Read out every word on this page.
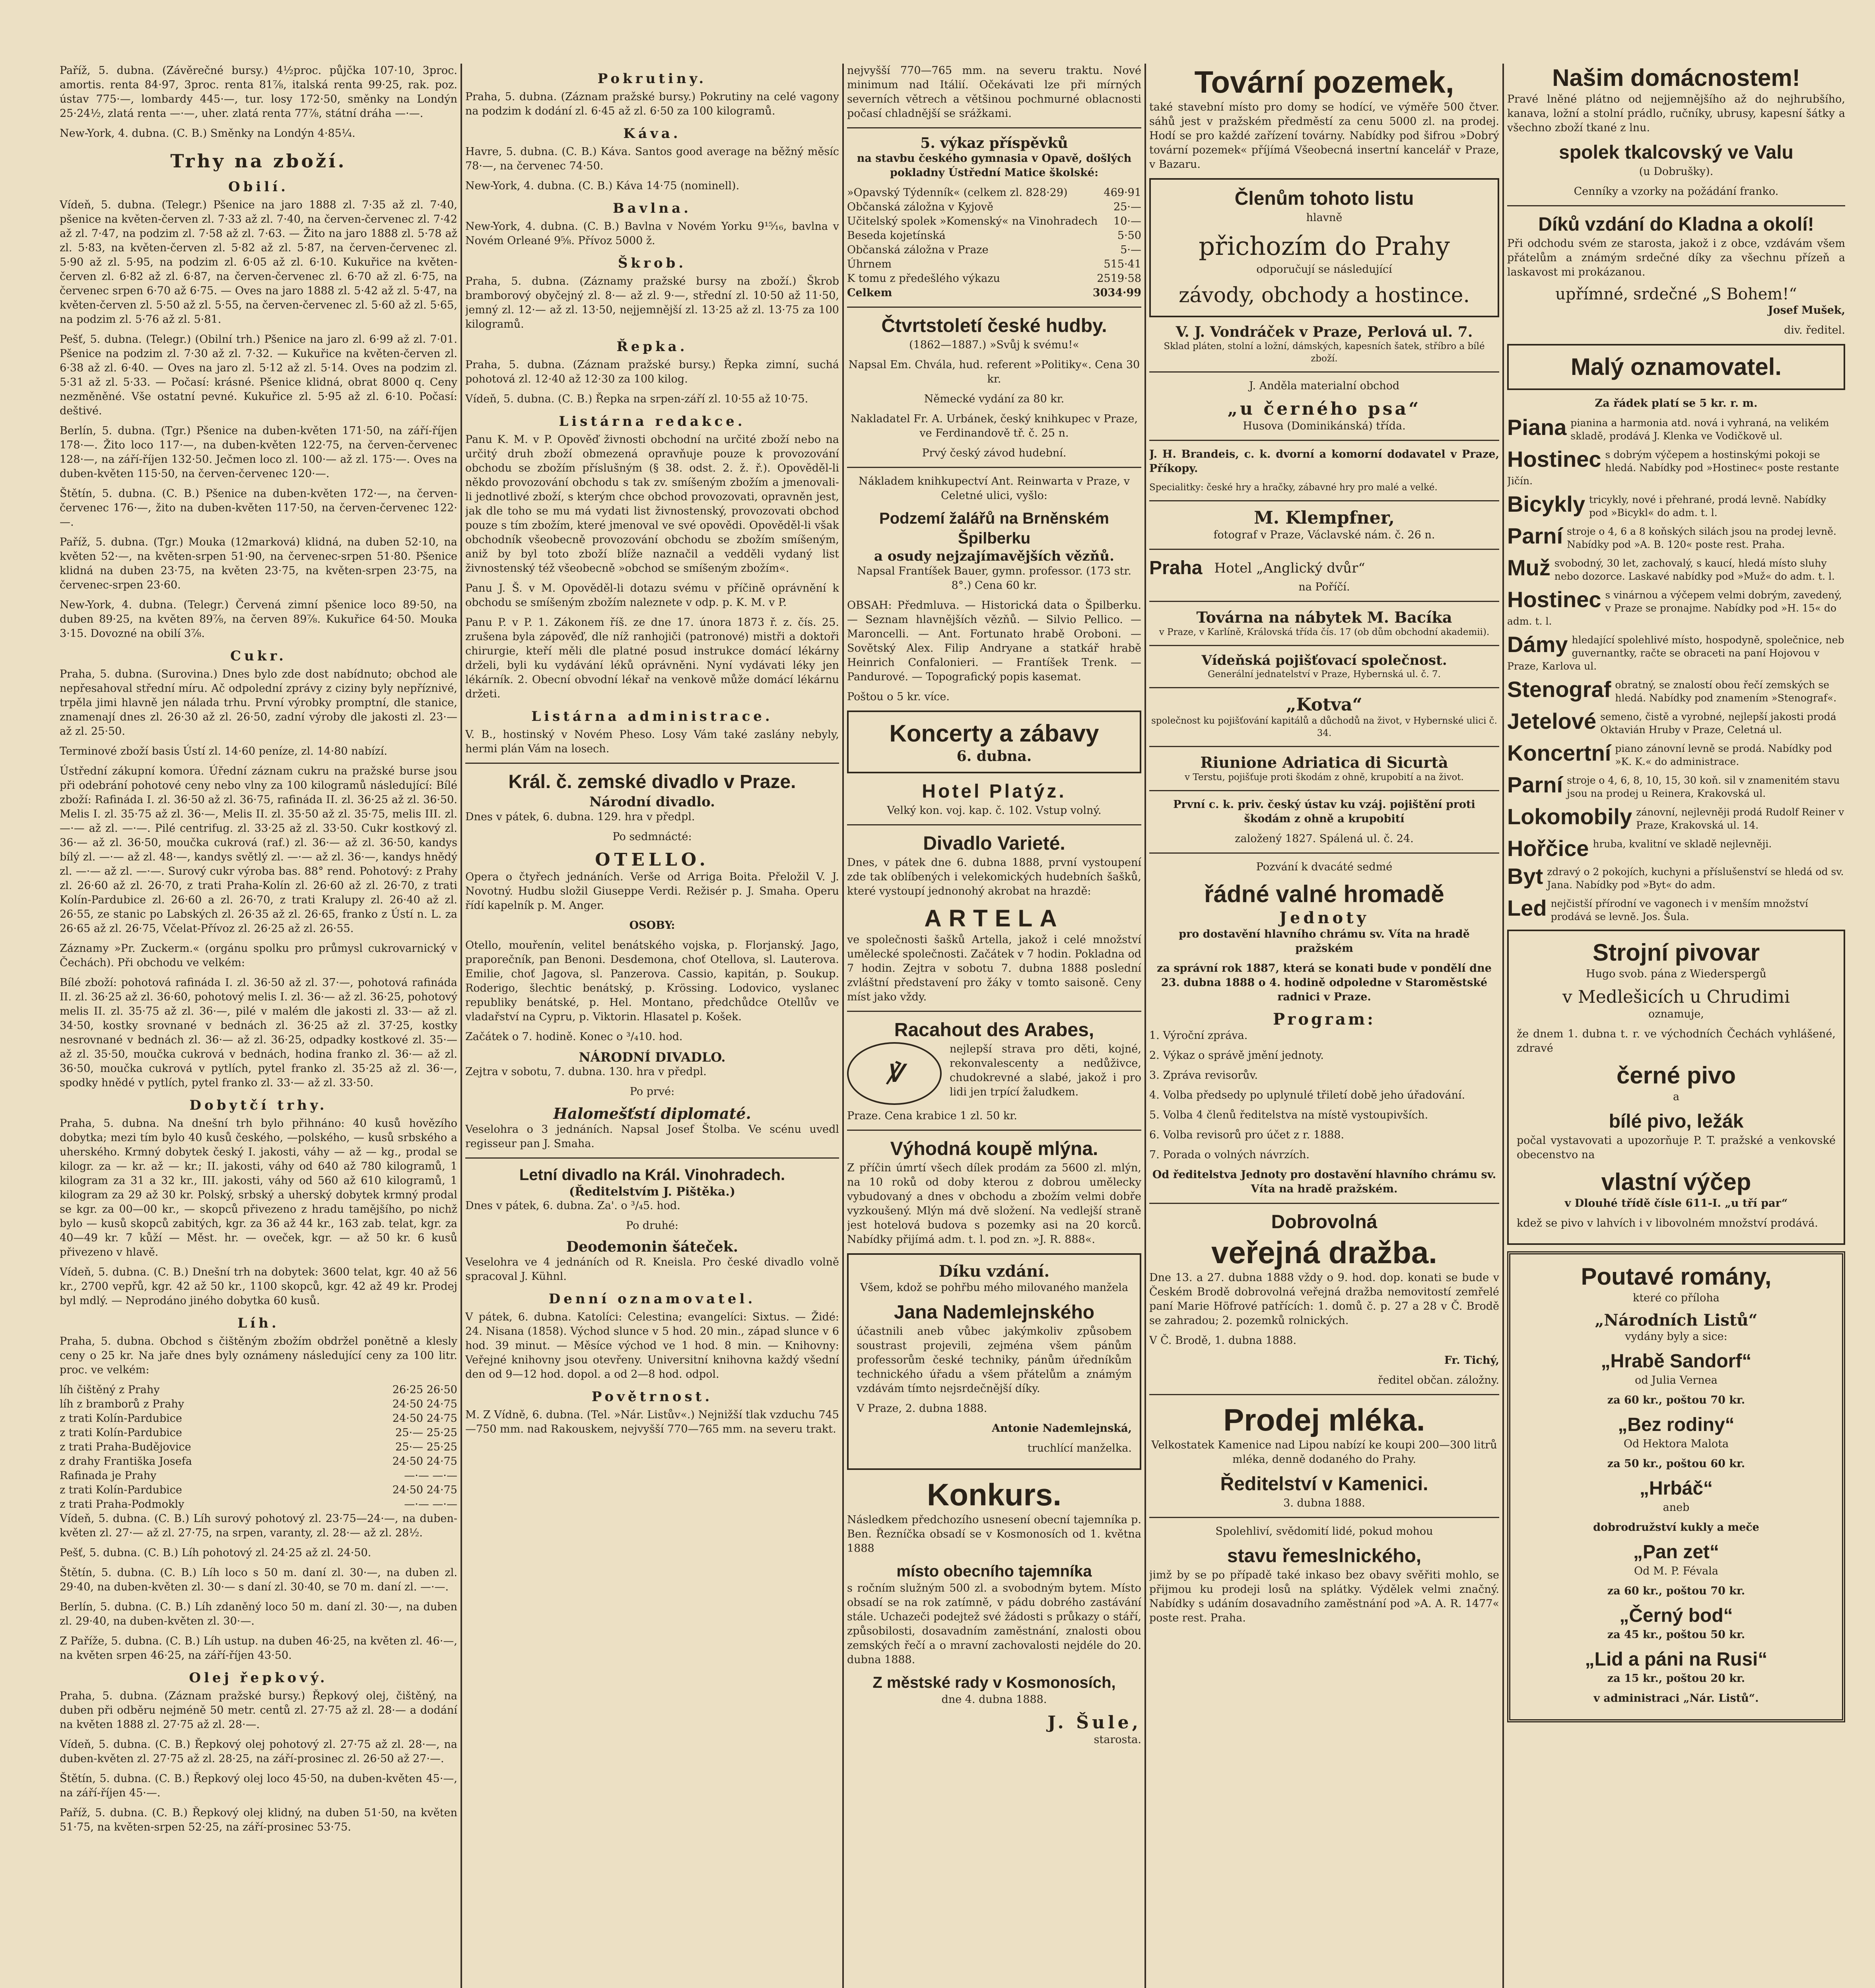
Paříž, 5. dubna. (Závěrečné bursy.) 4½proc. půjčka 107·10, 3proc. amortis. renta 84·97, 3proc. renta 81⅞, italská renta 99·25, rak. poz. ústav 775·—, lombardy 445·—, tur. losy 172·50, směnky na Londýn 25·24½, zlatá renta —·—, uher. zlatá renta 77⅞, státní dráha —·—.

New-York, 4. dubna. (C. B.) Směnky na Londýn 4·85¼.

Trhy na zboží.
Obilí.

Vídeň, 5. dubna. (Telegr.) Pšenice na jaro 1888 zl. 7·35 až zl. 7·40, pšenice na květen-červen zl. 7·33 až zl. 7·40, na červen-červenec zl. 7·42 až zl. 7·47, na podzim zl. 7·58 až zl. 7·63. — Žito na jaro 1888 zl. 5·78 až zl. 5·83, na květen-červen zl. 5·82 až zl. 5·87, na červen-červenec zl. 5·90 až zl. 5·95, na podzim zl. 6·05 až zl. 6·10. Kukuřice na květen-červen zl. 6·82 až zl. 6·87, na červen-červenec zl. 6·70 až zl. 6·75, na červenec srpen 6·70 až 6·75. — Oves na jaro 1888 zl. 5·42 až zl. 5·47, na květen-červen zl. 5·50 až zl. 5·55, na červen-červenec zl. 5·60 až zl. 5·65, na podzim zl. 5·76 až zl. 5·81.

Pešť, 5. dubna. (Telegr.) (Obilní trh.) Pšenice na jaro zl. 6·99 až zl. 7·01. Pšenice na podzim zl. 7·30 až zl. 7·32. — Kukuřice na květen-červen zl. 6·38 až zl. 6·40. — Oves na jaro zl. 5·12 až zl. 5·14. Oves na podzim zl. 5·31 až zl. 5·33. — Počasí: krásné. Pšenice klidná, obrat 8000 q. Ceny nezměněné. Vše ostatní pevné. Kukuřice zl. 5·95 až zl. 6·10. Počasí: deštivé.

Berlín, 5. dubna. (Tgr.) Pšenice na duben-květen 171·50, na září-říjen 178·—. Žito loco 117·—, na duben-květen 122·75, na červen-červenec 128·—, na září-říjen 132·50. Ječmen loco zl. 100·— až zl. 175·—. Oves na duben-květen 115·50, na červen-červenec 120·—.

Štětín, 5. dubna. (C. B.) Pšenice na duben-květen 172·—, na červen-červenec 176·—, žito na duben-květen 117·50, na červen-červenec 122·—.

Paříž, 5. dubna. (Tgr.) Mouka (12marková) klidná, na duben 52·10, na květen 52·—, na květen-srpen 51·90, na červenec-srpen 51·80. Pšenice klidná na duben 23·75, na květen 23·75, na květen-srpen 23·75, na červenec-srpen 23·60.

New-York, 4. dubna. (Telegr.) Červená zimní pšenice loco 89·50, na duben 89·25, na květen 89⅞, na červen 89⅞. Kukuřice 64·50. Mouka 3·15. Dovozné na obilí 3⅞.

Cukr.

Praha, 5. dubna. (Surovina.) Dnes bylo zde dost nabídnuto; obchod ale nepřesahoval střední míru. Ač odpolední zprávy z ciziny byly nepříznivé, trpěla jimi hlavně jen nálada trhu. První výrobky promptní, dle stanice, znamenají dnes zl. 26·30 až zl. 26·50, zadní výroby dle jakosti zl. 23·— až zl. 25·50.

Terminové zboží basis Ústí zl. 14·60 peníze, zl. 14·80 nabízí.

Ústřední zákupní komora. Úřední záznam cukru na pražské burse jsou při odebrání pohotové ceny nebo vlny za 100 kilogramů následující: Bílé zboží: Rafináda I. zl. 36·50 až zl. 36·75, rafináda II. zl. 36·25 až zl. 36·50. Melis I. zl. 35·75 až zl. 36·—, Melis II. zl. 35·50 až zl. 35·75, melis III. zl. —·— až zl. —·—. Pilé centrifug. zl. 33·25 až zl. 33·50. Cukr kostkový zl. 36·— až zl. 36·50, moučka cukrová (raf.) zl. 36·— až zl. 36·50, kandys bílý zl. —·— až zl. 48·—, kandys světlý zl. —·— až zl. 36·—, kandys hnědý zl. —·— až zl. —·—. Surový cukr výroba bas. 88° rend. Pohotový: z Prahy zl. 26·60 až zl. 26·70, z trati Praha-Kolín zl. 26·60 až zl. 26·70, z trati Kolín-Pardubice zl. 26·60 a zl. 26·70, z trati Kralupy zl. 26·40 až zl. 26·55, ze stanic po Labských zl. 26·35 až zl. 26·65, franko z Ústí n. L. za 26·65 až zl. 26·75, Včelat-Přívoz zl. 26·25 až zl. 26·55.

Záznamy »Pr. Zuckerm.« (orgánu spolku pro průmysl cukrovarnický v Čechách). Při obchodu ve velkém:

Bílé zboží: pohotová rafináda I. zl. 36·50 až zl. 37·—, pohotová rafináda II. zl. 36·25 až zl. 36·60, pohotový melis I. zl. 36·— až zl. 36·25, pohotový melis II. zl. 35·75 až zl. 36·—, pilé v malém dle jakosti zl. 33·— až zl. 34·50, kostky srovnané v bednách zl. 36·25 až zl. 37·25, kostky nesrovnané v bednách zl. 36·— až zl. 36·25, odpadky kostkové zl. 35·— až zl. 35·50, moučka cukrová v bednách, hodina franko zl. 36·— až zl. 36·50, moučka cukrová v pytlích, pytel franko zl. 35·25 až zl. 36·—, spodky hnědé v pytlích, pytel franko zl. 33·— až zl. 33·50.

Dobytčí trhy.

Praha, 5. dubna. Na dnešní trh bylo přihnáno: 40 kusů hovězího dobytka; mezi tím bylo 40 kusů českého, —polského, — kusů srbského a uherského. Krmný dobytek český I. jakosti, váhy — až — kg., prodal se kilogr. za — kr. až — kr.; II. jakosti, váhy od 640 až 780 kilogramů, 1 kilogram za 31 a 32 kr., III. jakosti, váhy od 560 až 610 kilogramů, 1 kilogram za 29 až 30 kr. Polský, srbský a uherský dobytek krmný prodal se kgr. za 00—00 kr., — skopců přivezeno z hradu tamějšího, po nichž bylo — kusů skopců zabitých, kgr. za 36 až 44 kr., 163 zab. telat, kgr. za 40—49 kr. 7 kůží — Měst. hr. — oveček, kgr. — až 50 kr. 6 kusů přivezeno v hlavě.

Vídeň, 5. dubna. (C. B.) Dnešní trh na dobytek: 3600 telat, kgr. 40 až 56 kr., 2700 vepřů, kgr. 42 až 50 kr., 1100 skopců, kgr. 42 až 49 kr. Prodej byl mdlý. — Neprodáno jiného dobytka 60 kusů.

Líh.

Praha, 5. dubna. Obchod s čištěným zbožím obdržel ponětně a klesly ceny o 25 kr. Na jaře dnes byly oznámeny následující ceny za 100 litr. proc. ve velkém:

líh čištěný z Prahy	26·25 26·50
líh z bramborů z Prahy	24·50 24·75
z trati Kolín-Pardubice	24·50 24·75
z trati Kolín-Pardubice	25·— 25·25
z trati Praha-Budějovice	25·— 25·25
z drahy Františka Josefa	24·50 24·75
Rafinada je Prahy	—·— —·—
z trati Kolín-Pardubice	24·50 24·75
z trati Praha-Podmokly	—·— —·—

Vídeň, 5. dubna. (C. B.) Líh surový pohotový zl. 23·75—24·—, na duben-květen zl. 27·— až zl. 27·75, na srpen, varanty, zl. 28·— až zl. 28½.

Pešť, 5. dubna. (C. B.) Líh pohotový zl. 24·25 až zl. 24·50.

Štětín, 5. dubna. (C. B.) Líh loco s 50 m. daní zl. 30·—, na duben zl. 29·40, na duben-květen zl. 30·— s daní zl. 30·40, se 70 m. daní zl. —·—.

Berlín, 5. dubna. (C. B.) Líh zdaněný loco 50 m. daní zl. 30·—, na duben zl. 29·40, na duben-květen zl. 30·—.

Z Paříže, 5. dubna. (C. B.) Líh ustup. na duben 46·25, na květen zl. 46·—, na květen srpen 46·25, na září-říjen 43·50.

Olej řepkový.

Praha, 5. dubna. (Záznam pražské bursy.) Řepkový olej, čištěný, na duben při odběru nejméně 50 metr. centů zl. 27·75 až zl. 28·— a dodání na květen 1888 zl. 27·75 až zl. 28·—.

Vídeň, 5. dubna. (C. B.) Řepkový olej pohotový zl. 27·75 až zl. 28·—, na duben-květen zl. 27·75 až zl. 28·25, na září-prosinec zl. 26·50 až 27·—.

Štětín, 5. dubna. (C. B.) Řepkový olej loco 45·50, na duben-květen 45·—, na září-říjen 45·—.

Paříž, 5. dubna. (C. B.) Řepkový olej klidný, na duben 51·50, na květen 51·75, na květen-srpen 52·25, na září-prosinec 53·75.

Pokrutiny.

Praha, 5. dubna. (Záznam pražské bursy.) Pokrutiny na celé vagony na podzim k dodání zl. 6·45 až zl. 6·50 za 100 kilogramů.

Káva.

Havre, 5. dubna. (C. B.) Káva. Santos good average na běžný měsíc 78·—, na červenec 74·50.

New-York, 4. dubna. (C. B.) Káva 14·75 (nominell).

Bavlna.

New-York, 4. dubna. (C. B.) Bavlna v Novém Yorku 9¹⁵⁄₁₆, bavlna v Novém Orleané 9⅝. Přívoz 5000 ž.

Škrob.

Praha, 5. dubna. (Záznamy pražské bursy na zboží.) Škrob bramborový obyčejný zl. 8·— až zl. 9·—, střední zl. 10·50 až 11·50, jemný zl. 12·— až zl. 13·50, nejjemnější zl. 13·25 až zl. 13·75 za 100 kilogramů.

Řepka.

Praha, 5. dubna. (Záznam pražské bursy.) Řepka zimní, suchá pohotová zl. 12·40 až 12·30 za 100 kilog.

Vídeň, 5. dubna. (C. B.) Řepka na srpen-září zl. 10·55 až 10·75.

Listárna redakce.

Panu K. M. v P. Opověď živnosti obchodní na určité zboží nebo na určitý druh zboží obmezená opravňuje pouze k provozování obchodu se zbožím příslušným (§ 38. odst. 2. ž. ř.). Opověděl-li někdo provozování obchodu s tak zv. smíšeným zbožím a jmenovali-li jednotlivé zboží, s kterým chce obchod provozovati, opravněn jest, jak dle toho se mu má vydati list živnostenský, provozovati obchod pouze s tím zbožím, které jmenoval ve své opovědi. Opověděl-li však obchodník všeobecně provozování obchodu se zbožím smíšeným, aniž by byl toto zboží blíže naznačil a vedděli vydaný list živnostenský též všeobecně »obchod se smíšeným zbožím«.

Panu J. Š. v M. Opověděl-li dotazu svému v příčině oprávnění k obchodu se smíšeným zbožím naleznete v odp. p. K. M. v P.

Panu P. v P. 1. Zákonem říš. ze dne 17. února 1873 ř. z. čís. 25. zrušena byla zápověď, dle níž ranhojiči (patronové) mistři a doktoři chirurgie, kteří měli dle platné posud instrukce domácí lékárny drželi, byli ku vydávání léků oprávněni. Nyní vydávati léky jen lékárník. 2. Obecní obvodní lékař na venkově může domácí lékárnu držeti.

Listárna administrace.

V. B., hostinský v Novém Pheso. Losy Vám také zaslány nebyly, hermi plán Vám na losech.

Král. č. zemské divadlo v Praze.
Národní divadlo.

Dnes v pátek, 6. dubna. 129. hra v předpl.

Po sedmnácté:

OTELLO.

Opera o čtyřech jednáních. Verše od Arriga Boita. Přeložil V. J. Novotný. Hudbu složil Giuseppe Verdi. Režisér p. J. Smaha. Operu řídí kapelník p. M. Anger.

OSOBY:

Otello, mouřenín, velitel benátského vojska, p. Florjanský. Jago, praporečník, pan Benoni. Desdemona, choť Otellova, sl. Lauterova. Emilie, choť Jagova, sl. Panzerova. Cassio, kapitán, p. Soukup. Roderigo, šlechtic benátský, p. Krössing. Lodovico, vyslanec republiky benátské, p. Hel. Montano, předchůdce Otellův ve vladařství na Cypru, p. Viktorin. Hlasatel p. Košek.

Začátek o 7. hodině. Konec o ³/₄10. hod.

NÁRODNÍ DIVADLO.

Zejtra v sobotu, 7. dubna. 130. hra v předpl.

Po prvé:

Halomešťstí diplomaté.

Veselohra o 3 jednáních. Napsal Josef Štolba. Ve scénu uvedl regisseur pan J. Smaha.

Letní divadlo na Král. Vinohradech.
(Ředitelstvím J. Pištěka.)

Dnes v pátek, 6. dubna. Za'. o ³/₄5. hod.

Po druhé:

Deodemonin šáteček.

Veselohra ve 4 jednáních od R. Kneisla. Pro české divadlo volně spracoval J. Kühnl.

Denní oznamovatel.

V pátek, 6. dubna. Katolíci: Celestina; evangelíci: Sixtus. — Židé: 24. Nisana (1858). Východ slunce v 5 hod. 20 min., západ slunce v 6 hod. 39 minut. — Měsíce východ ve 1 hod. 8 min. — Knihovny: Veřejné knihovny jsou otevřeny. Universitní knihovna každý všední den od 9—12 hod. dopol. a od 2—8 hod. odpol.

Povětrnost.

M. Z Vídně, 6. dubna. (Tel. »Nár. Listův«.) Nejnižší tlak vzduchu 745—750 mm. nad Rakouskem, nejvyšší 770—765 mm. na severu trakt.

nejvyšší 770—765 mm. na severu traktu. Nové minimum nad Itálií. Očekávati lze při mírných severních větrech a většinou pochmurné oblacnosti počasí chladnější se srážkami.

5. výkaz příspěvků

na stavbu českého gymnasia v Opavě, došlých pokladny Ústřední Matice školské:

»Opavský Týdenník« (celkem zl. 828·29)	469·91
Občanská záložna v Kyjově	25·—
Učitelský spolek »Komenský« na Vinohradech 10·—
Beseda kojetínská	5·50
Občanská záložna v Praze	5·—
Úhrnem	515·41
K tomu z předešlého výkazu	2519·58
Celkem	3034·99
Čtvrtstoletí české hudby.

(1862—1887.) »Svůj k svému!«

Napsal Em. Chvála, hud. referent »Politiky«. Cena 30 kr.

Německé vydání za 80 kr.

Nakladatel Fr. A. Urbánek, český knihkupec v Praze, ve Ferdinandově tř. č. 25 n.

Prvý český závod hudební.

Nákladem knihkupectví Ant. Reinwarta v Praze, v Celetné ulici, vyšlo:

Podzemí žalářů na Brněnském Špilberku
a osudy nejzajímavějších vězňů.

Napsal Frantíšek Bauer, gymn. professor. (173 str. 8°.) Cena 60 kr.

OBSAH: Předmluva. — Historická data o Špilberku. — Seznam hlavnějších vězňů. — Silvio Pellico. — Maroncelli. — Ant. Fortunato hrabě Oroboni. — Sovětský Alex. Filip Andryane a statkář hrabě Heinrich Confalonieri. — Frantíšek Trenk. — Pandurové. — Topografický popis kasemat.

Poštou o 5 kr. více.

Koncerty a zábavy
6. dubna.
Hotel Platýz.

Velký kon. voj. kap. č. 102. Vstup volný.

Divadlo Varieté.

Dnes, v pátek dne 6. dubna 1888, první vystoupení zde tak oblíbených i velekomických hudebních šašků, které vystoupí jednonohý akrobat na hrazdě:

ARTELA

ve společnosti šašků Artella, jakož i celé množství umělecké společnosti. Začátek v 7 hodin. Pokladna od 7 hodin. Zejtra v sobotu 7. dubna 1888 poslední zvláštní představení pro žáky v tomto saisoně. Ceny míst jako vždy.

Racahout des Arabes,
℣

nejlepší strava pro děti, kojné, rekonvalescenty a nedůživce, chudokrevné a slabé, jakož i pro lidi jen trpící žaludkem.

Praze. Cena krabice 1 zl. 50 kr.

Výhodná koupě mlýna.

Z příčin úmrtí všech dílek prodám za 5600 zl. mlýn, na 10 roků od doby kterou z dobrou umělecky vybudovaný a dnes v obchodu a zbožím velmi dobře vyzkoušený. Mlýn má dvě složení. Na vedlejší straně jest hotelová budova s pozemky asi na 20 korců. Nabídky přijímá adm. t. l. pod zn. »J. R. 888«.

Díku vzdání.

Všem, kdož se pohřbu mého milovaného manžela

Jana Nademlejnského

účastnili aneb vůbec jakýmkoliv způsobem soustrast projevili, zejména všem pánům professorům české techniky, pánům úředníkům technického úřadu a všem přátelům a známým vzdávám tímto nejsrdečnější díky.

V Praze, 2. dubna 1888.

Antonie Nademlejnská,

truchlící manželka.

Konkurs.

Následkem předchozího usnesení obecní tajemníka p. Ben. Řezníčka obsadí se v Kosmonosích od 1. května 1888

místo obecního tajemníka

s ročním služným 500 zl. a svobodným bytem. Místo obsadí se na rok zatímně, v pádu dobrého zastávání stále. Uchazeči podejtež své žádosti s průkazy o stáří, způsobilosti, dosavadním zaměstnání, znalosti obou zemských řečí a o mravní zachovalosti nejdéle do 20. dubna 1888.

Z městské rady v Kosmonosích,

dne 4. dubna 1888.

J. Šule,

starosta.

Tovární pozemek,

také stavební místo pro domy se hodící, ve výměře 500 čtver. sáhů jest v pražském předměstí za cenu 5000 zl. na prodej. Hodí se pro každé zařízení továrny. Nabídky pod šifrou »Dobrý tovární pozemek« příjímá Všeobecná insertní kancelář v Praze, v Bazaru.

Členům tohoto listu

hlavně

přichozím do Prahy

odporučují se následující

závody, obchody a hostince.
V. J. Vondráček v Praze, Perlová ul. 7.

Sklad pláten, stolní a ložní, dámských, kapesních šatek, stříbro a bílé zboží.

J. Anděla materialní obchod

„u černého psa“

Husova (Dominikánská) třída.

J. H. Brandeis, c. k. dvorní a komorní dodavatel v Praze, Příkopy.

Specialitky: české hry a hračky, zábavné hry pro malé a velké.

M. Klempfner,

fotograf v Praze, Václavské nám. č. 26 n.

Praha Hotel „Anglický dvůr“

na Poříčí.

Továrna na nábytek M. Bacíka

v Praze, v Karlíně, Královská třída čís. 17 (ob dům obchodní akademii).

Vídeňská pojišťovací společnost.

Generální jednatelství v Praze, Hybernská ul. č. 7.

„Kotva“

společnost ku pojišťování kapitálů a důchodů na život, v Hybernské ulici č. 34.

Riunione Adriatica di Sicurtà

v Terstu, pojišťuje proti škodám z ohně, krupobití a na život.

První c. k. priv. český ústav ku vzáj. pojištění proti škodám z ohně a krupobití

založený 1827. Spálená ul. č. 24.

Pozvání k dvacáté sedmé

řádné valné hromadě
Jednoty

pro dostavění hlavního chrámu sv. Víta na hradě pražském

za správní rok 1887, která se konati bude v pondělí dne 23. dubna 1888 o 4. hodině odpoledne v Staroměstské radnici v Praze.

Program:

1. Výroční zpráva.

2. Výkaz o správě jmění jednoty.

3. Zpráva revisorův.

4. Volba předsedy po uplynulé třiletí době jeho úřadování.

5. Volba 4 členů ředitelstva na místě vystoupivších.

6. Volba revisorů pro účet z r. 1888.

7. Porada o volných návrzích.

Od ředitelstva Jednoty pro dostavění hlavního chrámu sv. Víta na hradě pražském.

Dobrovolná
veřejná dražba.

Dne 13. a 27. dubna 1888 vždy o 9. hod. dop. konati se bude v Českém Brodě dobrovolná veřejná dražba nemovitostí zemřelé paní Marie Höfrové patřících: 1. domů č. p. 27 a 28 v Č. Brodě se zahradou; 2. pozemků rolnických.

V Č. Brodě, 1. dubna 1888.

Fr. Tichý,

ředitel občan. záložny.

Prodej mléka.

Velkostatek Kamenice nad Lipou nabízí ke koupi 200—300 litrů mléka, denně dodaného do Prahy.

Ředitelství v Kamenici.

3. dubna 1888.

Spolehliví, svědomití lidé, pokud mohou

stavu řemeslnického,

jimž by se po případě také inkaso bez obavy svěřiti mohlo, se přijmou ku prodeji losů na splátky. Výdělek velmi značný. Nabídky s udáním dosavadního zaměstnání pod »A. A. R. 1477« poste rest. Praha.

Našim domácnostem!

Pravé lněné plátno od nejjemnějšího až do nejhrubšího, kanava, ložní a stolní prádlo, ručníky, ubrusy, kapesní šátky a všechno zboží tkané z lnu.

spolek tkalcovský ve Valu

(u Dobrušky).

Cenníky a vzorky na požádání franko.

Díků vzdání do Kladna a okolí!

Při odchodu svém ze starosta, jakož i z obce, vzdávám všem přátelům a známým srdečné díky za všechnu přízeň a laskavost mi prokázanou.

upřímné, srdečné „S Bohem!“

Josef Mušek,

div. ředitel.

Malý oznamovatel.

Za řádek platí se 5 kr. r. m.

Piana pianina a harmonia atd. nová i vyhraná, na velikém skladě, prodává J. Klenka ve Vodičkově ul.
Hostinec s dobrým výčepem a hostinskými pokoji se hledá. Nabídky pod »Hostinec« poste restante Jičín.
Bicykly tricykly, nové i přehrané, prodá levně. Nabídky pod »Bicykl« do adm. t. l.
Parní stroje o 4, 6 a 8 koňských silách jsou na prodej levně. Nabídky pod »A. B. 120« poste rest. Praha.
Muž svobodný, 30 let, zachovalý, s kaucí, hledá místo sluhy nebo dozorce. Laskavé nabídky pod »Muž« do adm. t. l.
Hostinec s vinárnou a výčepem velmi dobrým, zavedený, v Praze se pronajme. Nabídky pod »H. 15« do adm. t. l.
Dámy hledající spolehlivé místo, hospodyně, společnice, neb guvernantky, račte se obraceti na paní Hojovou v Praze, Karlova ul.
Stenograf obratný, se znalostí obou řečí zemských se hledá. Nabídky pod znamením »Stenograf«.
Jetelové semeno, čistě a vyrobné, nejlepší jakosti prodá Oktavián Hruby v Praze, Celetná ul.
Koncertní piano zánovní levně se prodá. Nabídky pod »K. K.« do administrace.
Parní stroje o 4, 6, 8, 10, 15, 30 koň. sil v znamenitém stavu jsou na prodej u Reinera, Krakovská ul.
Lokomobily zánovní, nejlevněji prodá Rudolf Reiner v Praze, Krakovská ul. 14.
Hořčice hruba, kvalitní ve skladě nejlevněji.
Byt zdravý o 2 pokojích, kuchyni a příslušenství se hledá od sv. Jana. Nabídky pod »Byt« do adm.
Led nejčistší přírodní ve vagonech i v menším množství prodává se levně. Jos. Šula.
Strojní pivovar

Hugo svob. pána z Wiederspergů

v Medlešicích u Chrudimi

oznamuje,

že dnem 1. dubna t. r. ve východních Čechách vyhlášené, zdravé

černé pivo

a

bílé pivo, ležák

počal vystavovati a upozorňuje P. T. pražské a venkovské obecenstvo na

vlastní výčep

v Dlouhé třídě čísle 611-I. „u tří par“

kdež se pivo v lahvích i v libovolném množství prodává.

Poutavé romány,

které co příloha

„Národních Listů“

vydány byly a sice:

„Hrabě Sandorf“

od Julia Vernea

za 60 kr., poštou 70 kr.

„Bez rodiny“

Od Hektora Malota

za 50 kr., poštou 60 kr.

„Hrbáč“

aneb

dobrodružství kukly a meče

„Pan zet“

Od M. P. Févala

za 60 kr., poštou 70 kr.

„Černý bod“

za 45 kr., poštou 50 kr.

„Lid a páni na Rusi“

za 15 kr., poštou 20 kr.

v administraci „Nár. Listů“.
